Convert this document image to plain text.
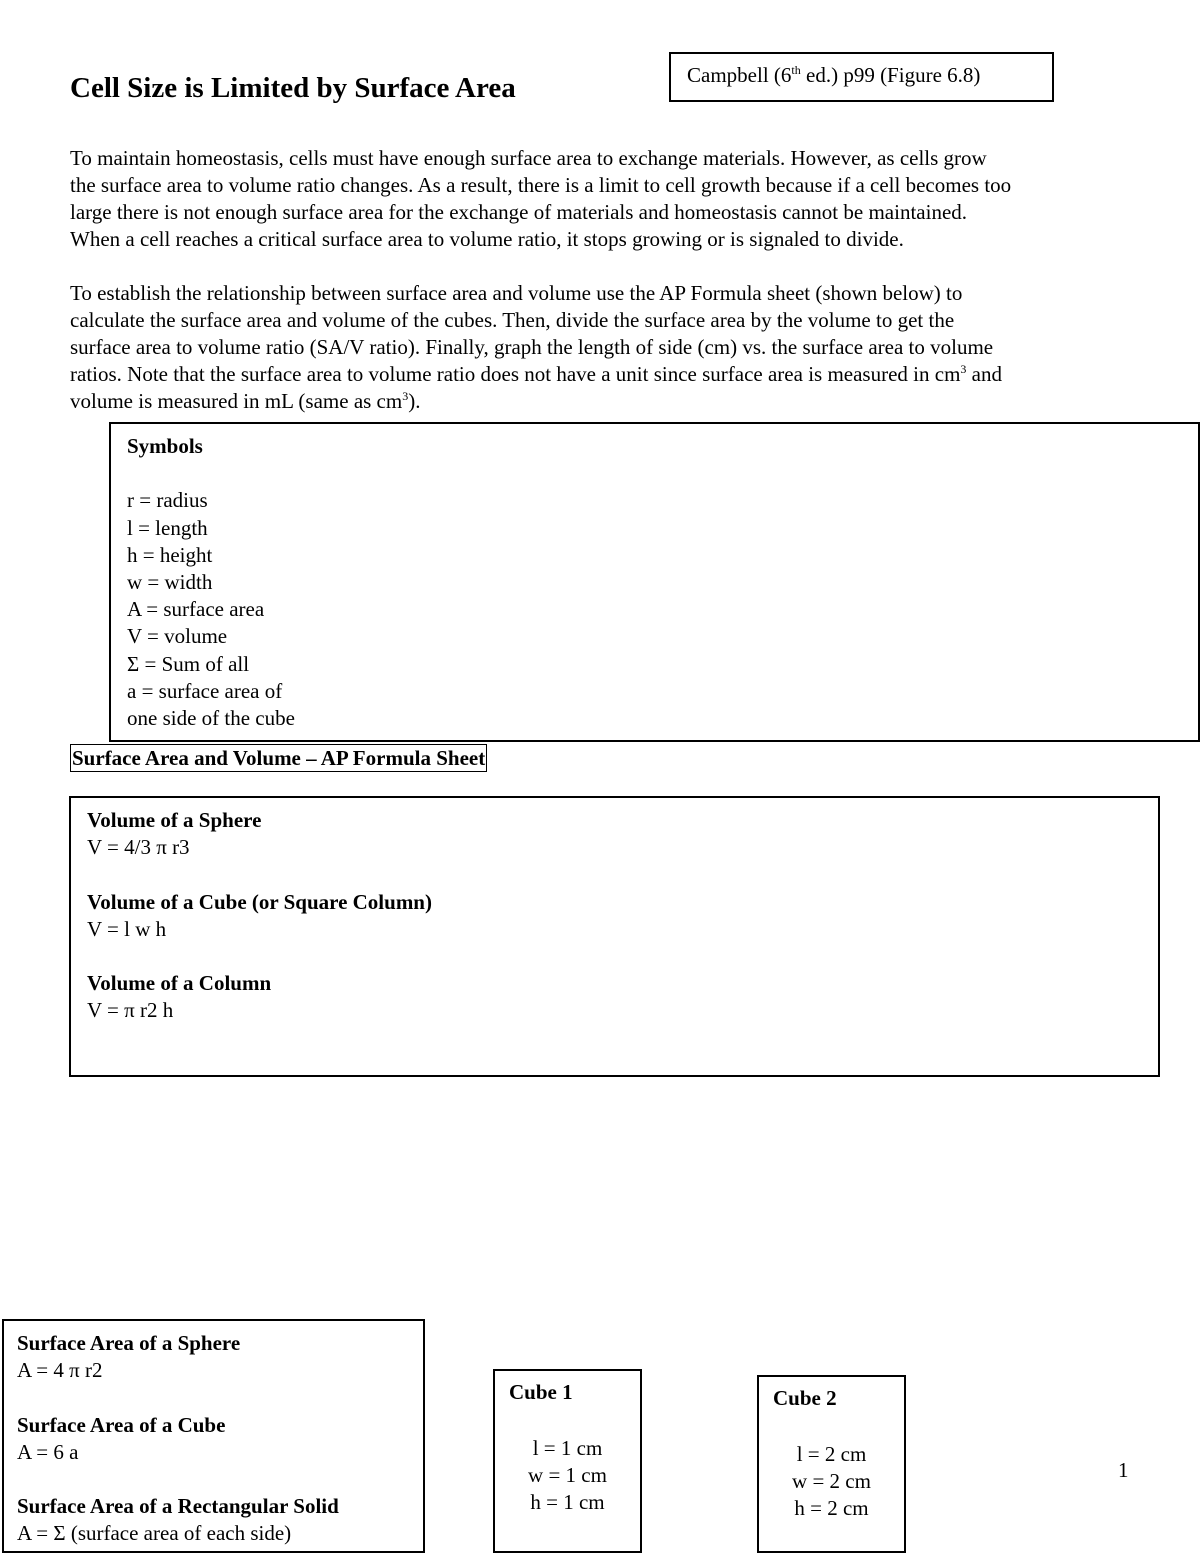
Cell Size is Limited by Surface Area	Campbell (6th ed.) p99 (Figure 6.8)
To maintain homeostasis, cells must have enough surface area to exchange materials. However, as cells grow
the surface area to volume ratio changes. As a result, there is a limit to cell growth because if a cell becomes too
large there is not enough surface area for the exchange of materials and homeostasis cannot be maintained.
When a cell reaches a critical surface area to volume ratio, it stops growing or is signaled to divide.
To establish the relationship between surface area and volume use the AP Formula sheet (shown below) to
calculate the surface area and volume of the cubes. Then, divide the surface area by the volume to get the
surface area to volume ratio (SA/V ratio). Finally, graph the length of side (cm) vs. the surface area to volume
ratios. Note that the surface area to volume ratio does not have a unit since surface area is measured in $cm^3$ and
volume is measured in mL (same as $cm^3$).
Symbols
r = radius
l = length
h = height
w = width
A = surface area
V = volume
Σ = Sum of all
a = surface area of
one side of the cube
Surface Area and Volume – AP Formula Sheet
Volume of a Sphere
V = 4/3 π r3
Volume of a Cube (or Square Column)
V = l w h
Volume of a Column
V = π r2 h
Surface Area of a Sphere
A = 4 π r2
Surface Area of a Cube
A = 6 a
Surface Area of a Rectangular Solid
A = Σ (surface area of each side)
Cube 1
l = 1 cm
w = 1 cm
h = 1 cm
Cube 2
l = 2 cm
w = 2 cm
h = 2 cm
1
